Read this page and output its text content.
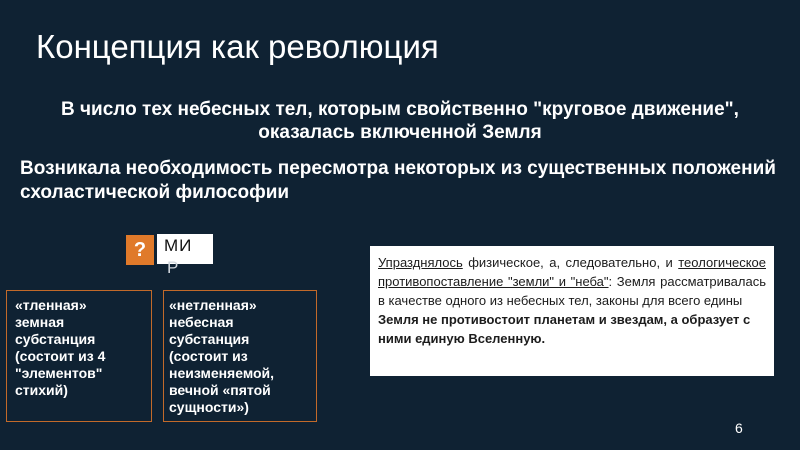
Концепция как революция
В число тех небесных тел, которым свойственно "круговое движение", оказалась включенной Земля
Возникала необходимость пересмотра некоторых из существенных положений схоластической философии
?	МИ
Р
«тленная»
земная
субстанция
(состоит из 4
"элементов"
стихий)
«нетленная»
небесная
субстанция
(состоит из
неизменяемой,
вечной «пятой
сущности»)
Упразднялось физическое, а, следовательно, и теологическое противопоставление "земли" и "неба": Земля рассматривалась в качестве одного из небесных тел, законы для всего едины
Земля не противостоит планетам и звездам, а образует с ними единую Вселенную.
6
